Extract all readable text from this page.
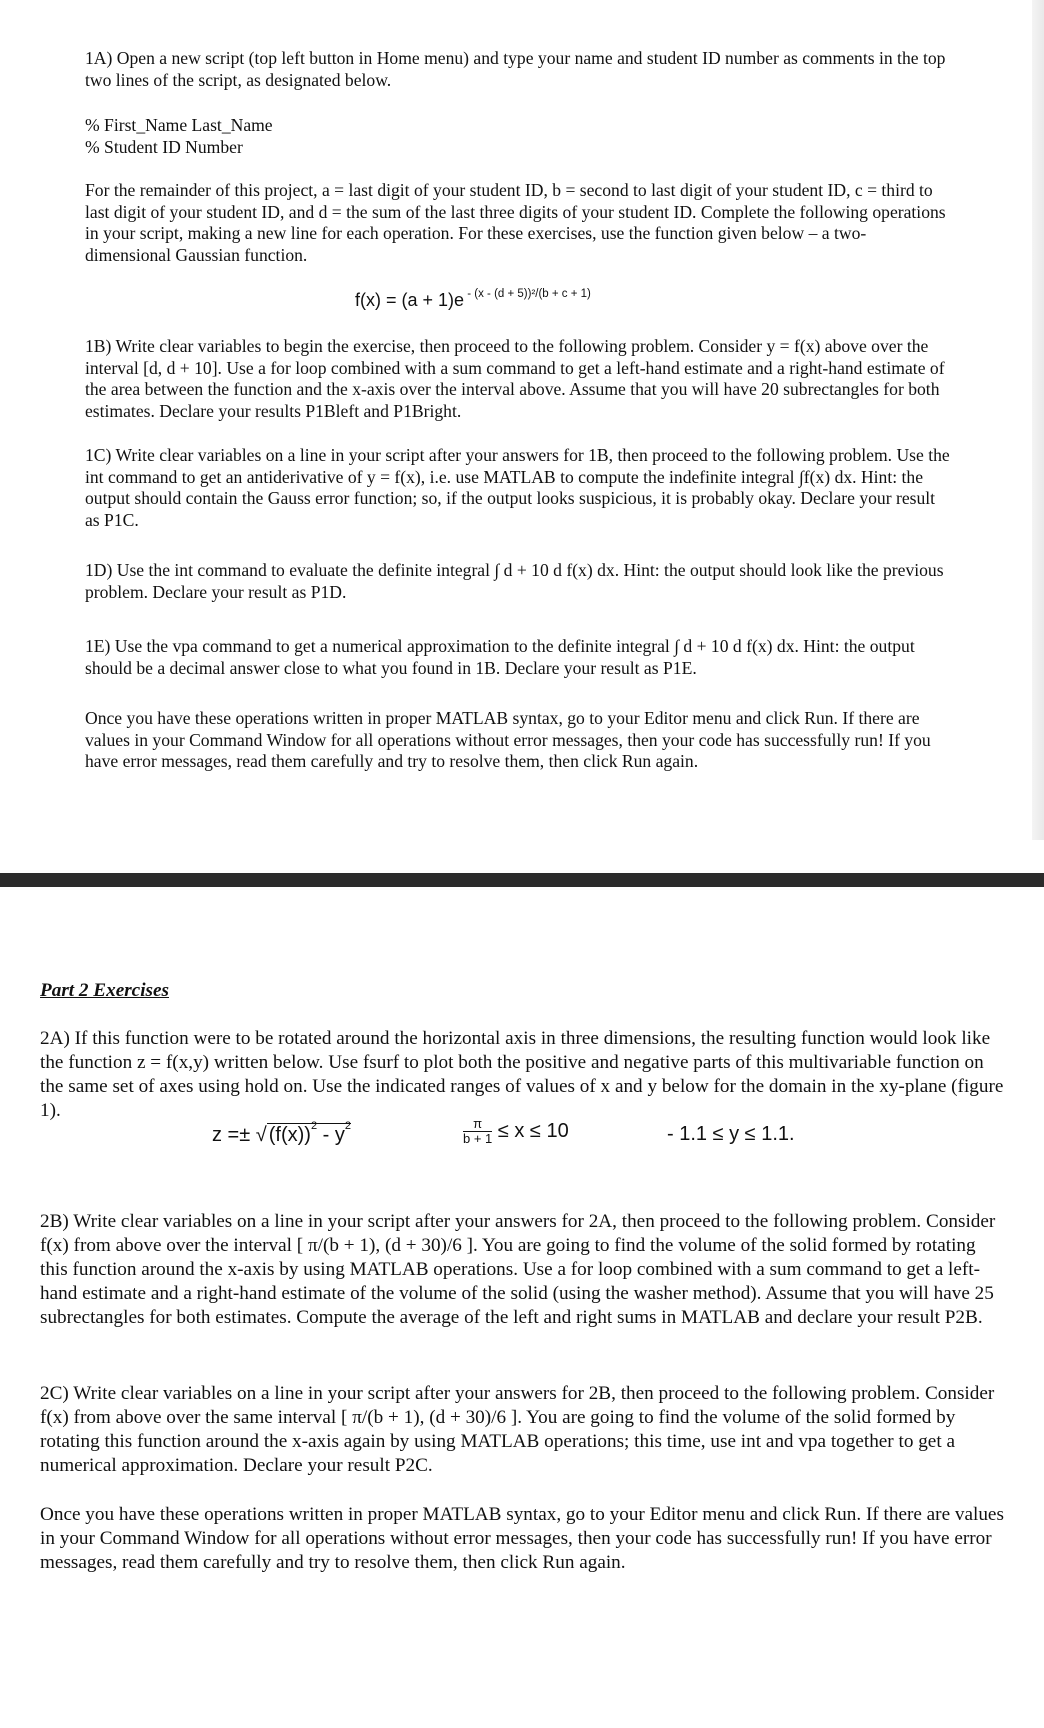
1A) Open a new script (top left button in Home menu) and type your name and student ID number as comments in the top two lines of the script, as designated below.

% First_Name Last_Name

% Student ID Number

For the remainder of this project, a = last digit of your student ID, b = second to last digit of your student ID, c = third to last digit of your student ID, and d = the sum of the last three digits of your student ID. Complete the following operations in your script, making a new line for each operation. For these exercises, use the function given below – a two-dimensional Gaussian function.

f(x) = (a + 1)e $^{- (x - (d + 5))^2/(b + c + 1)}$

1B) Write clear variables to begin the exercise, then proceed to the following problem. Consider y = f(x) above over the interval [d, d + 10]. Use a for loop combined with a sum command to get a left-hand estimate and a right-hand estimate of the area between the function and the x-axis over the interval above. Assume that you will have 20 subrectangles for both estimates. Declare your results P1Bleft and P1Bright.

1C) Write clear variables on a line in your script after your answers for 1B, then proceed to the following problem. Use the int command to get an antiderivative of y = f(x), i.e. use MATLAB to compute the indefinite integral ∫f(x) dx. Hint: the output should contain the Gauss error function; so, if the output looks suspicious, it is probably okay. Declare your result as P1C.

1D) Use the int command to evaluate the definite integral ∫ d + 10 d f(x) dx. Hint: the output should look like the previous problem. Declare your result as P1D.

1E) Use the vpa command to get a numerical approximation to the definite integral ∫ d + 10 d f(x) dx. Hint: the output should be a decimal answer close to what you found in 1B. Declare your result as P1E.

Once you have these operations written in proper MATLAB syntax, go to your Editor menu and click Run. If there are values in your Command Window for all operations without error messages, then your code has successfully run! If you have error messages, read them carefully and try to resolve them, then click Run again.

Part 2 Exercises

2A) If this function were to be rotated around the horizontal axis in three dimensions, the resulting function would look like the function z = f(x,y) written below. Use fsurf to plot both the positive and negative parts of this multivariable function on the same set of axes using hold on. Use the indicated ranges of values of x and y below for the domain in the xy-plane (figure 1).

z =± √ $(f(x))^2 - y^2$	$\frac{\pi}{b + 1} \le x \le 10$	- 1.1 ≤ y ≤ 1.1.

2B) Write clear variables on a line in your script after your answers for 2A, then proceed to the following problem. Consider f(x) from above over the interval [ π/(b + 1), (d + 30)/6 ]. You are going to find the volume of the solid formed by rotating this function around the x-axis by using MATLAB operations. Use a for loop combined with a sum command to get a left-hand estimate and a right-hand estimate of the volume of the solid (using the washer method). Assume that you will have 25 subrectangles for both estimates. Compute the average of the left and right sums in MATLAB and declare your result P2B.

2C) Write clear variables on a line in your script after your answers for 2B, then proceed to the following problem. Consider f(x) from above over the same interval [ π/(b + 1), (d + 30)/6 ]. You are going to find the volume of the solid formed by rotating this function around the x-axis again by using MATLAB operations; this time, use int and vpa together to get a numerical approximation. Declare your result P2C.

Once you have these operations written in proper MATLAB syntax, go to your Editor menu and click Run. If there are values in your Command Window for all operations without error messages, then your code has successfully run! If you have error messages, read them carefully and try to resolve them, then click Run again.
